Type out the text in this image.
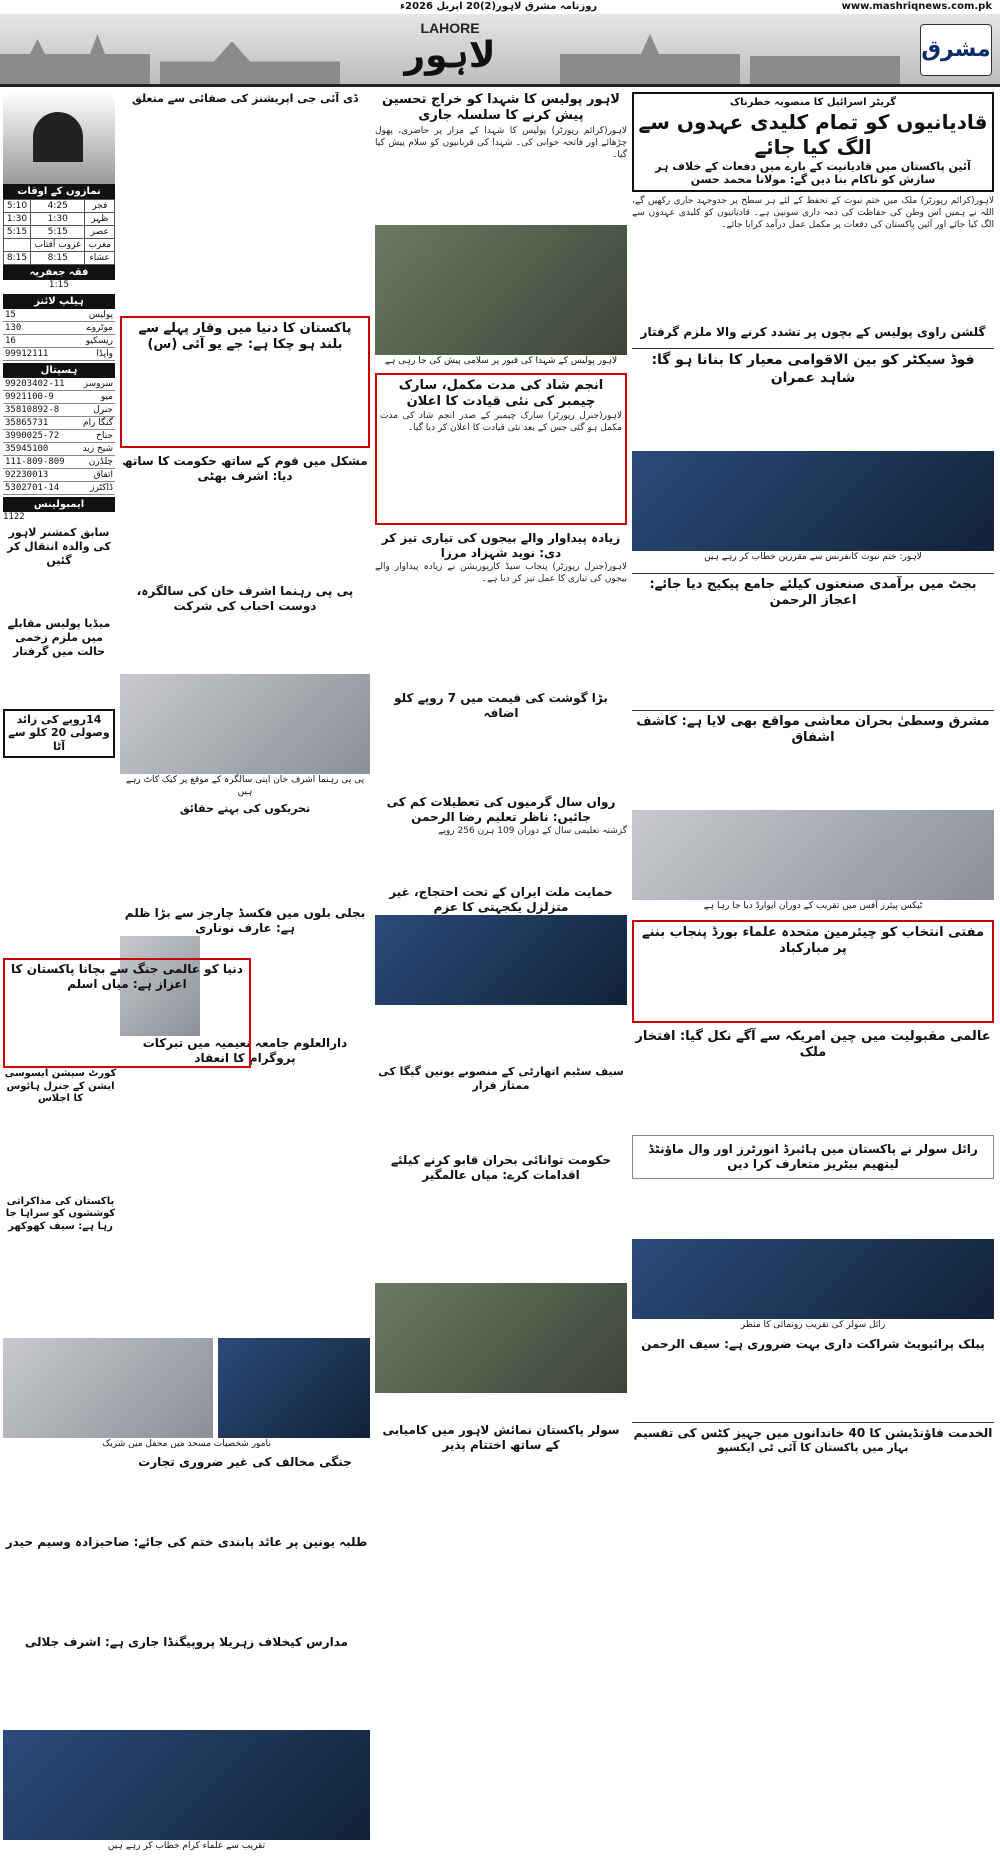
www.mashriqnews.com.pk
روزنامہ مشرق لاہور(2)20 اپریل 2026ء
LAHORE
لاہور	مشرق
گریٹر اسرائیل کا منصوبہ خطرناک
قادیانیوں کو تمام کلیدی عہدوں سے الگ کیا جائے
آئین پاکستان میں قادیانیت کے بارے میں دفعات کے خلاف ہر سازش کو ناکام بنا دیں گے: مولانا محمد حسن
لاہور(کرائم رپورٹر) ملک میں ختم نبوت کے تحفظ کے لئے ہر سطح پر جدوجہد جاری رکھیں گے، اللہ نے ہمیں اس وطن کی حفاظت کی ذمہ داری سونپی ہے۔ قادیانیوں کو کلیدی عہدوں سے الگ کیا جائے اور آئین پاکستان کی دفعات پر مکمل عمل درآمد کرایا جائے۔
گلشن راوی پولیس کے بچوں پر تشدد کرنے والا ملزم گرفتار
فوڈ سیکٹر کو بین الاقوامی معیار کا بنانا ہو گا: شاہد عمران
لاہور: ختم نبوت کانفرنس سے مقررین خطاب کر رہے ہیں
بجٹ میں برآمدی صنعتوں کیلئے جامع پیکیج دیا جائے: اعجاز الرحمن
مشرق وسطیٰ بحران معاشی مواقع بھی لایا ہے: کاشف اشفاق
ٹیکس پیئرز آفس میں تقریب کے دوران ایوارڈ دیا جا رہا ہے
مفتی انتخاب کو چیئرمین متحدہ علماء بورڈ پنجاب بننے پر مبارکباد
عالمی مقبولیت میں چین امریکہ سے آگے نکل گیا: افتخار ملک
رائل سولر نے پاکستان میں ہائبرڈ انورٹرز اور وال ماؤنٹڈ لیتھیم بیٹریز متعارف کرا دیں
رائل سولر کی تقریب رونمائی کا منظر
پبلک پرائیویٹ شراکت داری بہت ضروری ہے: سیف الرحمن
الخدمت فاؤنڈیشن کا 40 خاندانوں میں جہیز کٹس کی تقسیم
بہار میں پاکستان کا آئی ٹی ایکسپو
لاہور پولیس کا شہدا کو خراج تحسین پیش کرنے کا سلسلہ جاری
لاہور(کرائم رپورٹر) پولیس کا شہدا کے مزار پر حاضری، پھول چڑھائے اور فاتحہ خوانی کی۔ شہدا کی قربانیوں کو سلام پیش کیا گیا۔
لاہور پولیس کے شہدا کی قبور پر سلامی پیش کی جا رہی ہے
انجم شاد کی مدت مکمل، سارک چیمبر کی نئی قیادت کا اعلان
لاہور(جنرل رپورٹر) سارک چیمبر کے صدر انجم شاد کی مدت مکمل ہو گئی جس کے بعد نئی قیادت کا اعلان کر دیا گیا۔
زیادہ پیداوار والے بیجوں کی تیاری تیز کر دی: نوید شہزاد مرزا
لاہور(جنرل رپورٹر) پنجاب سیڈ کارپوریشن نے زیادہ پیداوار والے بیجوں کی تیاری کا عمل تیز کر دیا ہے۔
بڑا گوشت کی قیمت میں 7 روپے کلو اضافہ
رواں سال گرمیوں کی تعطیلات کم کی جائیں: ناظر تعلیم رضا الرحمن
گزشتہ تعلیمی سال کے دوران 109 ہرن 256 روپے
حمایت ملت ایران کے تحت احتجاج، غیر متزلزل یکجہتی کا عزم
سیف سٹیم اتھارٹی کے منصوبے یونین گیگا کی ممتاز قرار
حکومت توانائی بحران قابو کرنے کیلئے اقدامات کرے: میاں عالمگیر
سولر پاکستان نمائش لاہور میں کامیابی کے ساتھ اختتام پذیر
ڈی آئی جی اپریشنز کی صفائی سے متعلق
پاکستان کا دنیا میں وقار پہلے سے بلند ہو چکا ہے: جے یو آئی (س)
مشکل میں قوم کے ساتھ حکومت کا ساتھ دیا: اشرف بھٹی
پی پی رہنما اشرف خان کی سالگرہ، دوست احباب کی شرکت
پی پی رہنما اشرف خان اپنی سالگرہ کے موقع پر کیک کاٹ رہے ہیں
تحریکوں کی بہتے حقائق
بجلی بلوں میں فکسڈ چارجز سے بڑا ظلم ہے: عارف نوناری
دارالعلوم جامعہ نعیمیہ میں تبرکات پروگرام کا انعقاد
نمازوں کے اوقات
5:10	4:25	فجر
1:30	1:30	ظہر
5:15	5:15	عصر
	غروب آفتاب	مغرب
8:15	8:15	عشاء
فقہ جعفریہ
1:15
ہیلپ لائنز
15	پولیس
130	موٹروے
16	ریسکیو
99912111	واپڈا
ہسپتال
99203402-11	سروسز
9921100-9	میو
35810892-8	جنرل
35865731	گنگا رام
3990025-72	جناح
35945100	شیخ زید
111-809-809	چلڈرن
92230013	اتفاق
5302701-14	ڈاکٹرز
ایمبولینس
1122
سابق کمشنر لاہور کی والدہ انتقال کر گئیں
میڈیا پولیس مقابلے میں ملزم زخمی حالت میں گرفتار
14روپے کی زائد وصولی 20 کلو سے آٹا
دنیا کو عالمی جنگ سے بچانا پاکستان کا اعزاز ہے: میاں اسلم
کورٹ سیشن ایسوسی ایشن کے جنرل ہائوس کا اجلاس
پاکستان کی مذاکراتی کوششوں کو سراہا جا رہا ہے: سیف کھوکھر
نامور شخصیات مسجد میں محفل میں شریک
جنگی مخالف کی غیر ضروری تجارت
طلبہ یونین پر عائد پابندی ختم کی جائے: صاحبزادہ وسیم حیدر
مدارس کیخلاف زہریلا پروپیگنڈا جاری ہے: اشرف جلالی
تقریب سے علماء کرام خطاب کر رہے ہیں
